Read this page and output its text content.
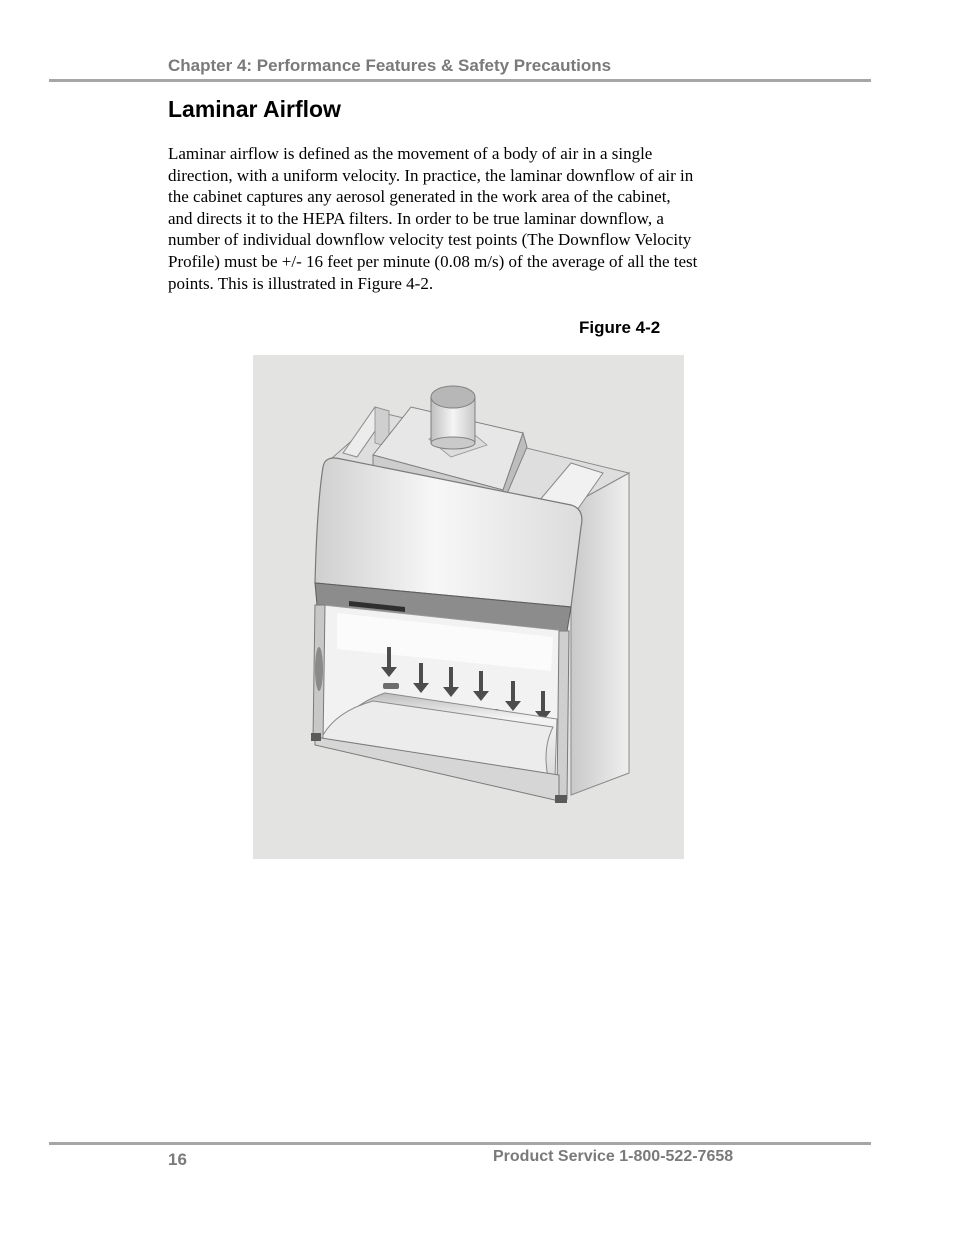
Chapter 4: Performance Features & Safety Precautions
Laminar Airflow

Laminar airflow is defined as the movement of a body of air in a single
direction, with a uniform velocity. In practice, the laminar downflow of air in
the cabinet captures any aerosol generated in the work area of the cabinet,
and directs it to the HEPA filters. In order to be true laminar downflow, a
number of individual downflow velocity test points (The Downflow Velocity
Profile) must be +/- 16 feet per minute (0.08 m/s) of the average of all the test
points. This is illustrated in Figure 4-2.

Figure 4-2
16	Product Service 1-800-522-7658
